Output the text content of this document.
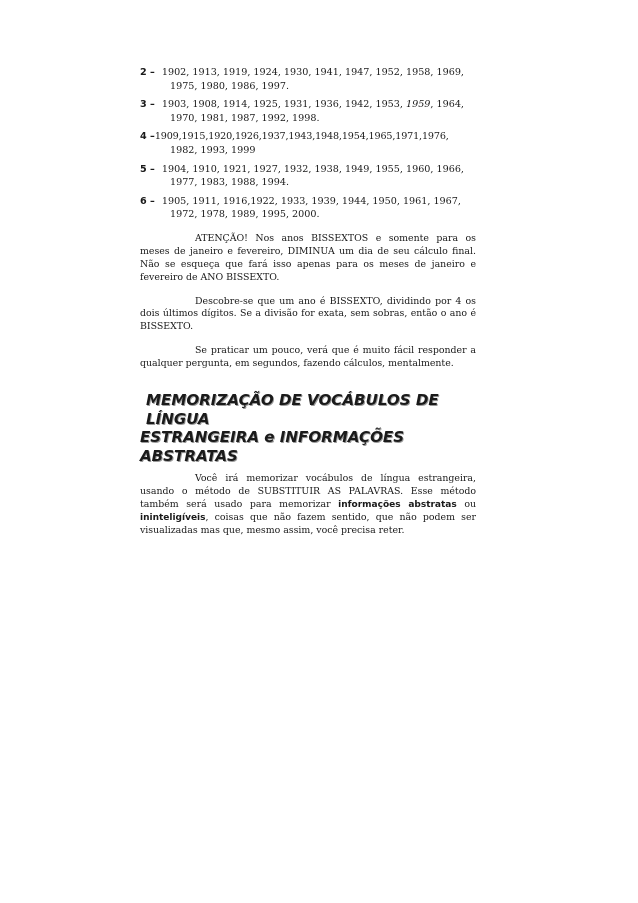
2 – 1902, 1913, 1919, 1924, 1930, 1941, 1947, 1952, 1958, 1969,
1975, 1980, 1986, 1997.
3 – 1903, 1908, 1914, 1925, 1931, 1936, 1942, 1953, 1959, 1964,
1970, 1981, 1987, 1992, 1998.
4 –1909,1915,1920,1926,1937,1943,1948,1954,1965,1971,1976,
1982, 1993, 1999
5 – 1904, 1910, 1921, 1927, 1932, 1938, 1949, 1955, 1960, 1966,
1977, 1983, 1988, 1994.
6 – 1905, 1911, 1916,1922, 1933, 1939, 1944, 1950, 1961, 1967,
1972, 1978, 1989, 1995, 2000.

ATENÇÃO! Nos anos BISSEXTOS e somente para os meses de janeiro e fevereiro, DIMINUA um dia de seu cálculo final. Não se esqueça que fará isso apenas para os meses de janeiro e fevereiro de ANO BISSEXTO.

Descobre-se que um ano é BISSEXTO, dividindo por 4 os dois últimos dígitos. Se a divisão for exata, sem sobras, então o ano é BISSEXTO.

Se praticar um pouco, verá que é muito fácil responder a qualquer pergunta, em segundos, fazendo cálculos, mentalmente.

MEMORIZAÇÃO DE VOCÁBULOS DE LÍNGUA
ESTRANGEIRA e INFORMAÇÕES ABSTRATAS

Você irá memorizar vocábulos de língua estrangeira, usando o método de SUBSTITUIR AS PALAVRAS. Esse método também será usado para memorizar informações abstratas ou ininteligíveis, coisas que não fazem sentido, que não podem ser visualizadas mas que, mesmo assim, você precisa reter.
